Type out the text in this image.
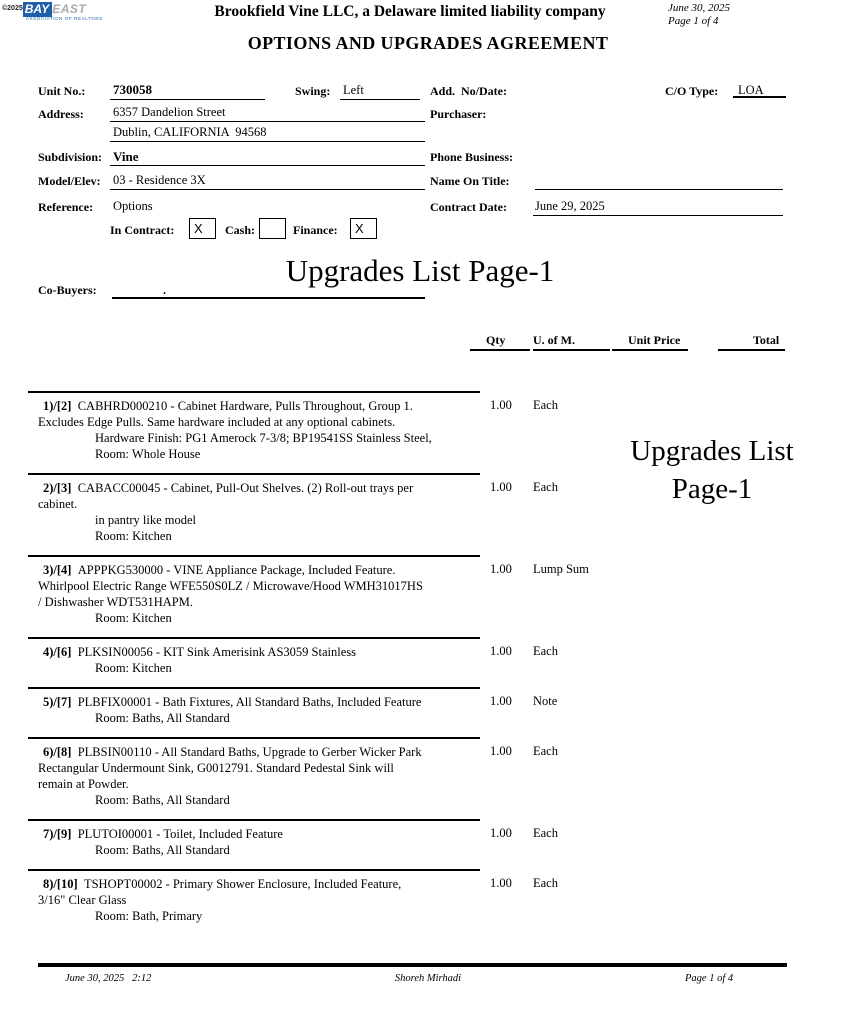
©2025 BAY EAST
ASSOCIATION OF REALTORS	Brookfield Vine LLC, a Delaware limited liability company	June 30, 2025
Page 1 of 4
OPTIONS AND UPGRADES AGREEMENT
Unit No.: 730058	Swing: Left	Add.  No/Date:	C/O Type: LOA
Address: 6357 Dandelion Street	Purchaser:
Dublin, CALIFORNIA  94568
Subdivision: Vine	Phone Business:
Model/Elev: 03 - Residence 3X	Name On Title:
Reference: Options	Contract Date: June 29, 2025
In Contract:	X	Cash:	Finance:	X
Upgrades List Page-1
Co-Buyers:	.
Qty U. of M.	Unit Price	Total
1)/[2] CABHRD000210 - Cabinet Hardware, Pulls Throughout, Group 1.
Excludes Edge Pulls. Same hardware included at any optional cabinets.
Hardware Finish: PG1 Amerock 7-3/8; BP19541SS Stainless Steel,
Room: Whole House
1.00 Each
2)/[3] CABACC00045 - Cabinet, Pull-Out Shelves. (2) Roll-out trays per
cabinet.
in pantry like model
Room: Kitchen
1.00 Each
3)/[4] APPPKG530000 - VINE Appliance Package, Included Feature.
Whirlpool Electric Range WFE550S0LZ / Microwave/Hood WMH31017HS
/ Dishwasher WDT531HAPM.
Room: Kitchen
1.00 Lump Sum
4)/[6] PLKSIN00056 - KIT Sink Amerisink AS3059 Stainless
Room: Kitchen
1.00 Each
5)/[7] PLBFIX00001 - Bath Fixtures, All Standard Baths, Included Feature
Room: Baths, All Standard
1.00 Note
6)/[8] PLBSIN00110 - All Standard Baths, Upgrade to Gerber Wicker Park
Rectangular Undermount Sink, G0012791. Standard Pedestal Sink will
remain at Powder.
Room: Baths, All Standard
1.00 Each
7)/[9] PLUTOI00001 - Toilet, Included Feature
Room: Baths, All Standard
1.00 Each
8)/[10] TSHOPT00002 - Primary Shower Enclosure, Included Feature,
3/16" Clear Glass
Room: Bath, Primary
1.00 Each
Upgrades List
Page-1
June 30, 2025   2:12	Shoreh Mirhadi	Page 1 of 4
